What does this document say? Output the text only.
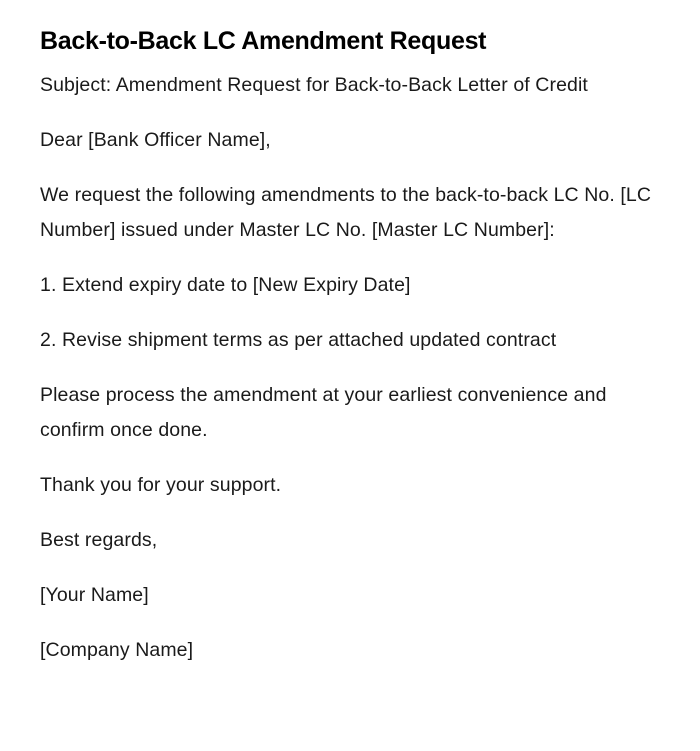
Back-to-Back LC Amendment Request

Subject: Amendment Request for Back-to-Back Letter of Credit

Dear [Bank Officer Name],

We request the following amendments to the back-to-back LC No. [LC Number] issued under Master LC No. [Master LC Number]:

1. Extend expiry date to [New Expiry Date]

2. Revise shipment terms as per attached updated contract

Please process the amendment at your earliest convenience and confirm once done.

Thank you for your support.

Best regards,

[Your Name]

[Company Name]
